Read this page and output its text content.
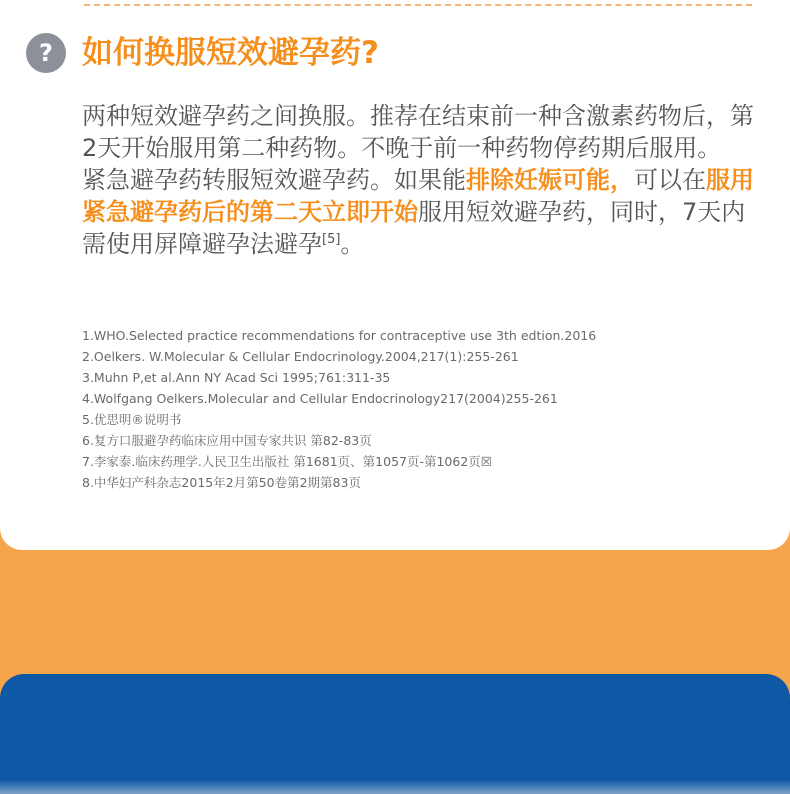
? 如何换服短效避孕药?

两种短效避孕药之间换服。推荐在结束前一种含激素药物后，第2天开始服用第二种药物。不晚于前一种药物停药期后服用。

紧急避孕药转服短效避孕药。如果能排除妊娠可能，可以在服用紧急避孕药后的第二天立即开始服用短效避孕药，同时，7天内需使用屏障避孕法避孕[5]。

1.WHO.Selected practice recommendations for contraceptive use 3th edtion.2016
2.Oelkers. W.Molecular & Cellular Endocrinology.2004,217(1):255-261
3.Muhn P,et al.Ann NY Acad Sci 1995;761:311-35
4.Wolfgang Oelkers.Molecular and Cellular Endocrinology217(2004)255-261
5.优思明®说明书
6.复方口服避孕药临床应用中国专家共识 第82-83页
7.李家泰.临床药理学.人民卫生出版社 第1681页、第1057页-第1062页☒
8.中华妇产科杂志2015年2月第50卷第2期第83页
